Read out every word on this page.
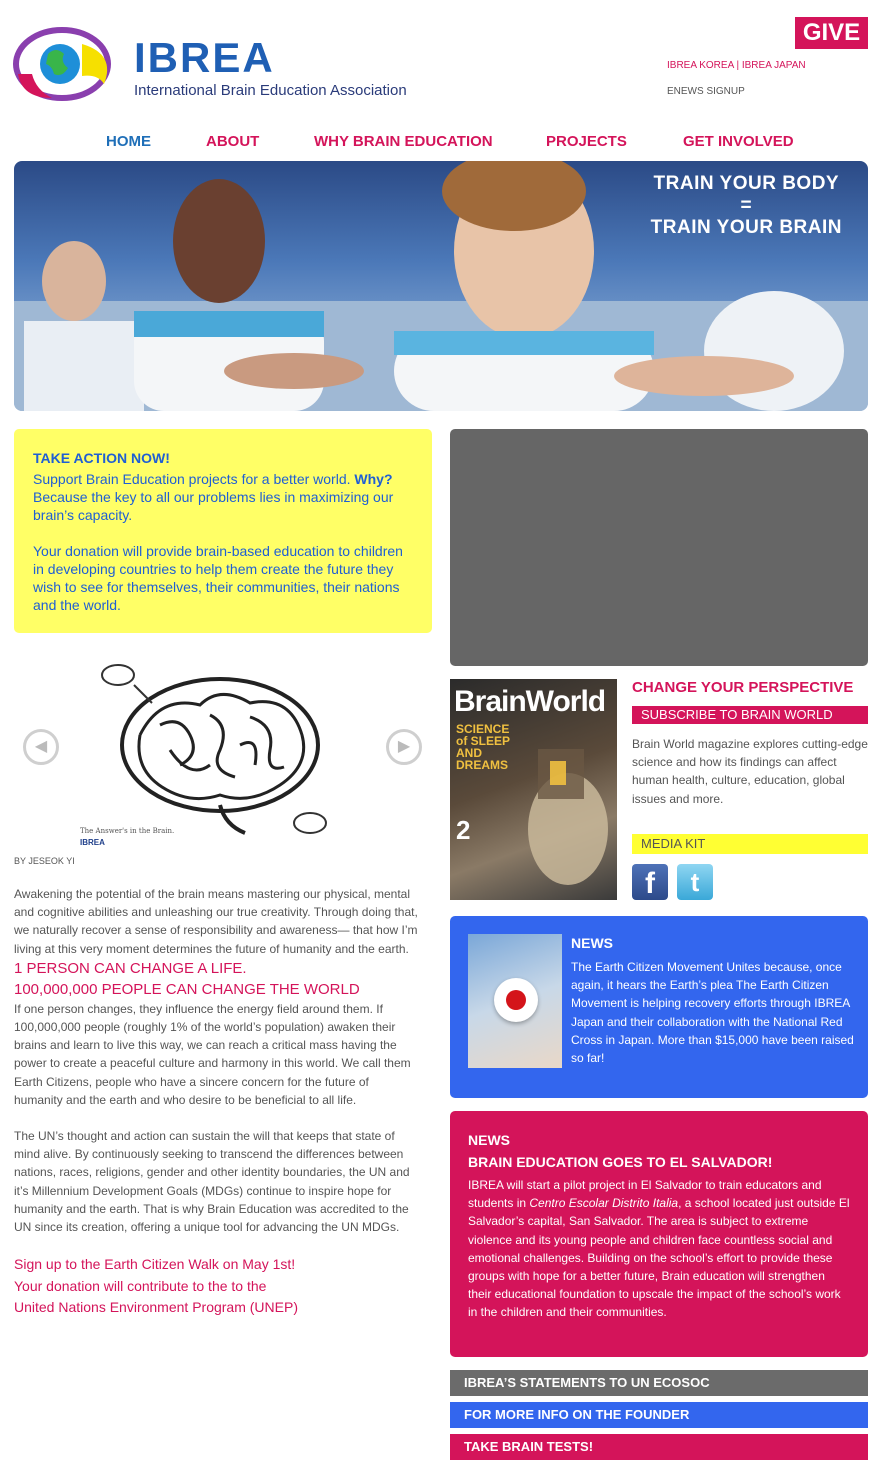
IBREA
International Brain Education Association
GIVE
IBREA KOREA | IBREA JAPAN
ENEWS SIGNUP
HOME	ABOUT	WHY BRAIN EDUCATION	PROJECTS	GET INVOLVED
TRAIN YOUR BODY
=
TRAIN YOUR BRAIN
TAKE ACTION NOW!

Support Brain Education projects for a better world. Why? Because the key to all our problems lies in maximizing our brain’s capacity.

Your donation will provide brain-based education to children in developing countries to help them create the future they wish to see for themselves, their communities, their nations and the world.

◀	▶
The Answer's in the Brain.
IBREA
BY JESEOK YI

Awakening the potential of the brain means mastering our physical, mental and cognitive abilities and unleashing our true creativity. Through doing that, we naturally recover a sense of responsibility and awareness— that how I’m living at this very moment determines the future of humanity and the earth.

1 PERSON CAN CHANGE A LIFE.
100,000,000 PEOPLE CAN CHANGE THE WORLD

If one person changes, they influence the energy field around them. If 100,000,000 people (roughly 1% of the world’s population) awaken their brains and learn to live this way, we can reach a critical mass having the power to create a peaceful culture and harmony in this world. We call them Earth Citizens, people who have a sincere concern for the future of humanity and the earth and who desire to be beneficial to all life.

The UN’s thought and action can sustain the will that keeps that state of mind alive. By continuously seeking to transcend the differences between nations, races, religions, gender and other identity boundaries, the UN and it’s Millennium Development Goals (MDGs) continue to inspire hope for humanity and the earth. That is why Brain Education was accredited to the UN since its creation, offering a unique tool for advancing the UN MDGs.

Sign up to the Earth Citizen Walk on May 1st!
Your donation will contribute to the to the
United Nations Environment Program (UNEP)
BrainWorld
SCIENCE
of SLEEP
AND
DREAMS
2
CHANGE YOUR PERSPECTIVE
SUBSCRIBE TO BRAIN WORLD
Brain World magazine explores cutting-edge science and how its findings can affect human health, culture, education, global issues and more.
MEDIA KIT
f	t
NEWS

The Earth Citizen Movement Unites because, once again, it hears the Earth’s plea The Earth Citizen Movement is helping recovery efforts through IBREA Japan and their collaboration with the National Red Cross in Japan. More than $15,000 have been raised so far!

NEWS
BRAIN EDUCATION GOES TO EL SALVADOR!

IBREA will start a pilot project in El Salvador to train educators and students in Centro Escolar Distrito Italia, a school located just outside El Salvador’s capital, San Salvador. The area is subject to extreme violence and its young people and children face countless social and emotional challenges. Building on the school’s effort to provide these groups with hope for a better future, Brain education will strengthen their educational foundation to upscale the impact of the school’s work in the children and their communities.

IBREA’S STATEMENTS TO UN ECOSOC
FOR MORE INFO ON THE FOUNDER
TAKE BRAIN TESTS!
